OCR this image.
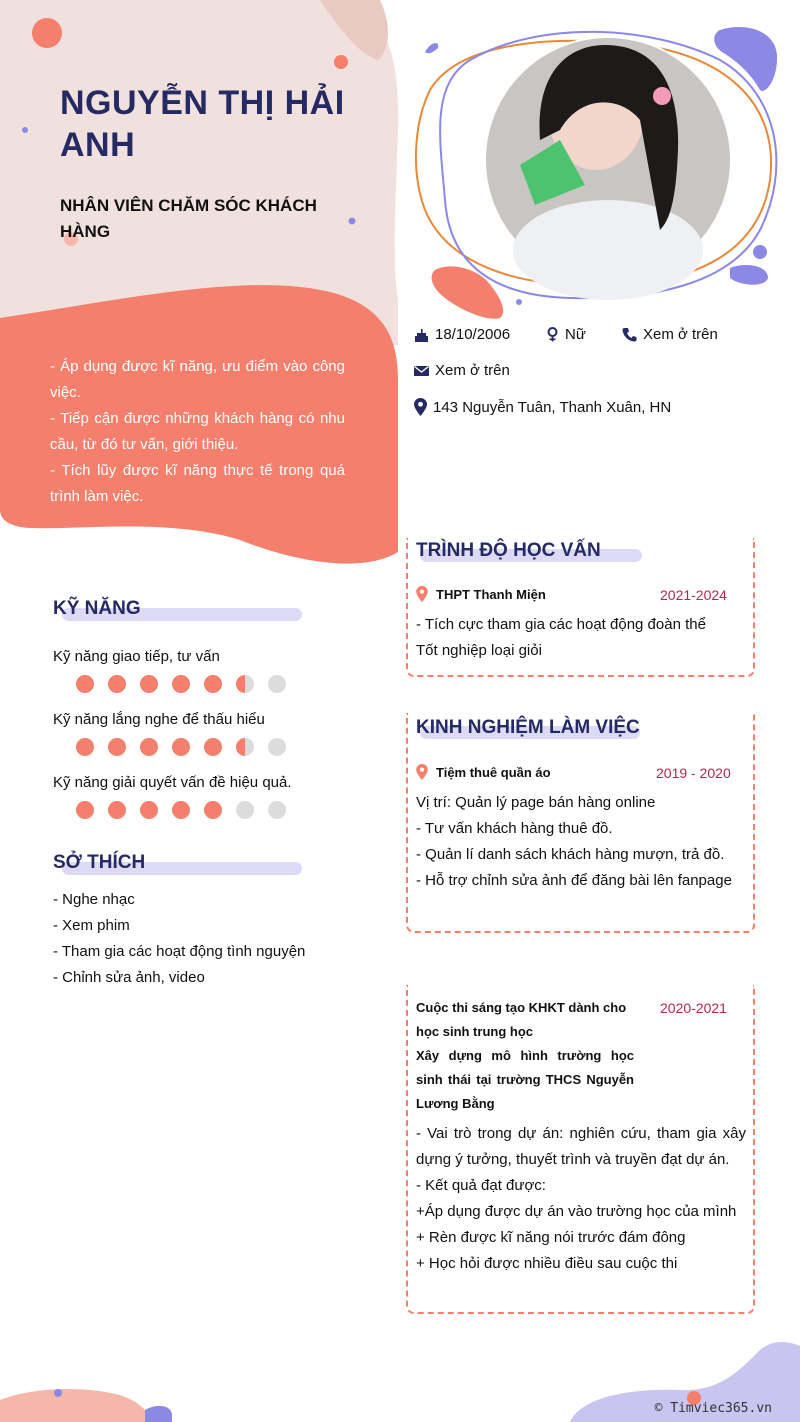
NGUYỄN THỊ HẢI ANH
NHÂN VIÊN CHĂM SÓC KHÁCH HÀNG
- Áp dụng được kĩ năng, ưu điểm vào công việc.
- Tiếp cận được những khách hàng có nhu cầu, từ đó tư vấn, giới thiệu.
- Tích lũy được kĩ năng thực tế trong quá trình làm việc.
18/10/2006	Nữ	Xem ở trên
Xem ở trên
143 Nguyễn Tuân, Thanh Xuân, HN
KỸ NĂNG
Kỹ năng giao tiếp, tư vấn
Kỹ năng lắng nghe để thấu hiểu
Kỹ năng giải quyết vấn đề hiệu quả.
SỞ THÍCH
- Nghe nhạc
- Xem phim
- Tham gia các hoạt động tình nguyện
- Chỉnh sửa ảnh, video
TRÌNH ĐỘ HỌC VẤN
THPT Thanh Miện	2021-2024
- Tích cực tham gia các hoạt động đoàn thể
Tốt nghiệp loại giỏi
KINH NGHIỆM LÀM VIỆC
Tiệm thuê quần áo	2019 - 2020
Vị trí: Quản lý page bán hàng online
- Tư vấn khách hàng thuê đồ.
- Quản lí danh sách khách hàng mượn, trả đồ.
- Hỗ trợ chỉnh sửa ảnh để đăng bài lên fanpage
Cuộc thi sáng tạo KHKT dành cho học sinh trung học
Xây dựng mô hình trường học sinh thái tại trường THCS Nguyễn Lương Bằng
2020-2021
- Vai trò trong dự án: nghiên cứu, tham gia xây dựng ý tưởng, thuyết trình và truyền đạt dự án.
- Kết quả đạt được:
+Áp dụng được dự án vào trường học của mình
+ Rèn được kĩ năng nói trước đám đông
+ Học hỏi được nhiều điều sau cuộc thi
© Timviec365.vn
